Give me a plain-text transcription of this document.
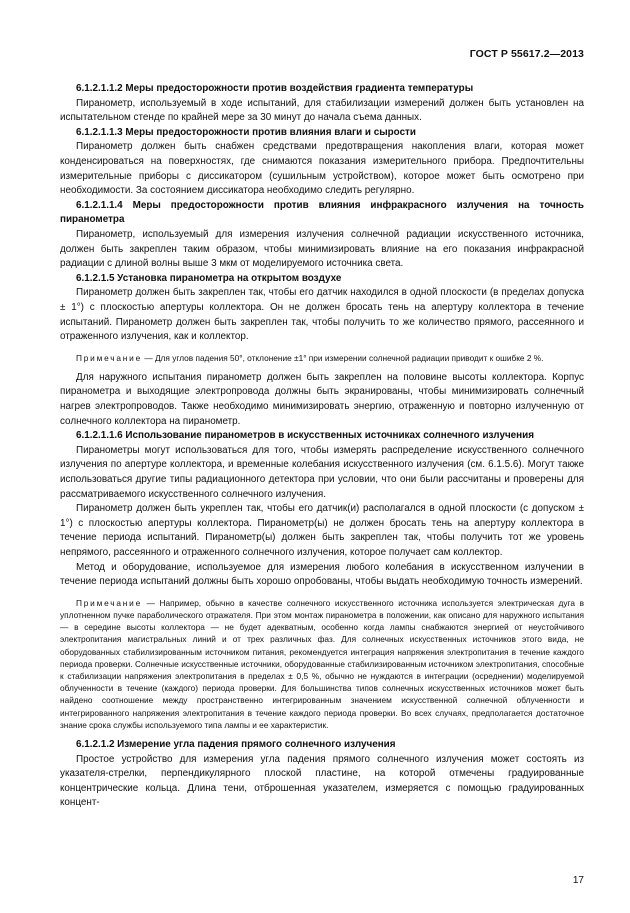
ГОСТ Р 55617.2—2013
6.1.2.1.1.2 Меры предосторожности против воздействия градиента температуры

Пиранометр, используемый в ходе испытаний, для стабилизации измерений должен быть установлен на испытательном стенде по крайней мере за 30 минут до начала съема данных.

6.1.2.1.1.3 Меры предосторожности против влияния влаги и сырости

Пиранометр должен быть снабжен средствами предотвращения накопления влаги, которая может конденсироваться на поверхностях, где снимаются показания измерительного прибора. Предпочтительны измерительные приборы с диссикатором (сушильным устройством), которое может быть осмотрено при необходимости. За состоянием диссикатора необходимо следить регулярно.

6.1.2.1.1.4 Меры предосторожности против влияния инфракрасного излучения на точность пиранометра

Пиранометр, используемый для измерения излучения солнечной радиации искусственного источника, должен быть закреплен таким образом, чтобы минимизировать влияние на его показания инфракрасной радиации с длиной волны выше 3 мкм от моделируемого источника света.

6.1.2.1.5 Установка пиранометра на открытом воздухе

Пиранометр должен быть закреплен так, чтобы его датчик находился в одной плоскости (в пределах допуска ± 1°) с плоскостью апертуры коллектора. Он не должен бросать тень на апертуру коллектора в течение испытаний. Пиранометр должен быть закреплен так, чтобы получить то же количество прямого, рассеянного и отраженного излучения, как и коллектор.

Примечание — Для углов падения 50°, отклонение ±1° при измерении солнечной радиации приводит к ошибке 2 %.

Для наружного испытания пиранометр должен быть закреплен на половине высоты коллектора. Корпус пиранометра и выходящие электропровода должны быть экранированы, чтобы минимизировать солнечный нагрев электропроводов. Также необходимо минимизировать энергию, отраженную и повторно излученную от солнечного коллектора на пиранометр.

6.1.2.1.1.6 Использование пиранометров в искусственных источниках солнечного излучения

Пиранометры могут использоваться для того, чтобы измерять распределение искусственного солнечного излучения по апертуре коллектора, и временные колебания искусственного излучения (см. 6.1.5.6). Могут также использоваться другие типы радиационного детектора при условии, что они были рассчитаны и проверены для рассматриваемого искусственного солнечного излучения.

Пиранометр должен быть укреплен так, чтобы его датчик(и) располагался в одной плоскости (с допуском ± 1°) с плоскостью апертуры коллектора. Пиранометр(ы) не должен бросать тень на апертуру коллектора в течение периода испытаний. Пиранометр(ы) должен быть закреплен так, чтобы получить тот же уровень непрямого, рассеянного и отраженного солнечного излучения, которое получает сам коллектор.

Метод и оборудование, используемое для измерения любого колебания в искусственном излучении в течение периода испытаний должны быть хорошо опробованы, чтобы выдать необходимую точность измерений.

Примечание — Например, обычно в качестве солнечного искусственного источника используется электрическая дуга в уплотненном пучке параболического отражателя. При этом монтаж пиранометра в положении, как описано для наружного испытания — в середине высоты коллектора — не будет адекватным, особенно когда лампы снабжаются энергией от неустойчивого электропитания магистральных линий и от трех различных фаз. Для солнечных искусственных источников этого вида, не оборудованных стабилизированным источником питания, рекомендуется интеграция напряжения электропитания в течение каждого периода проверки. Солнечные искусственные источники, оборудованные стабилизированным источником электропитания, способные к стабилизации напряжения электропитания в пределах ± 0,5 %, обычно не нуждаются в интеграции (осреднении) моделируемой облученности в течение (каждого) периода проверки. Для большинства типов солнечных искусственных источников может быть найдено соотношение между пространственно интегрированным значением искусственной солнечной облученности и интегрированного напряжения электропитания в течение каждого периода проверки. Во всех случаях, предполагается достаточное знание срока службы используемого типа лампы и ее характеристик.

6.1.2.1.2 Измерение угла падения прямого солнечного излучения

Простое устройство для измерения угла падения прямого солнечного излучения может состоять из указателя-стрелки, перпендикулярного плоской пластине, на которой отмечены градуированные концентрические кольца. Длина тени, отброшенная указателем, измеряется с помощью градуированных концент-

17
